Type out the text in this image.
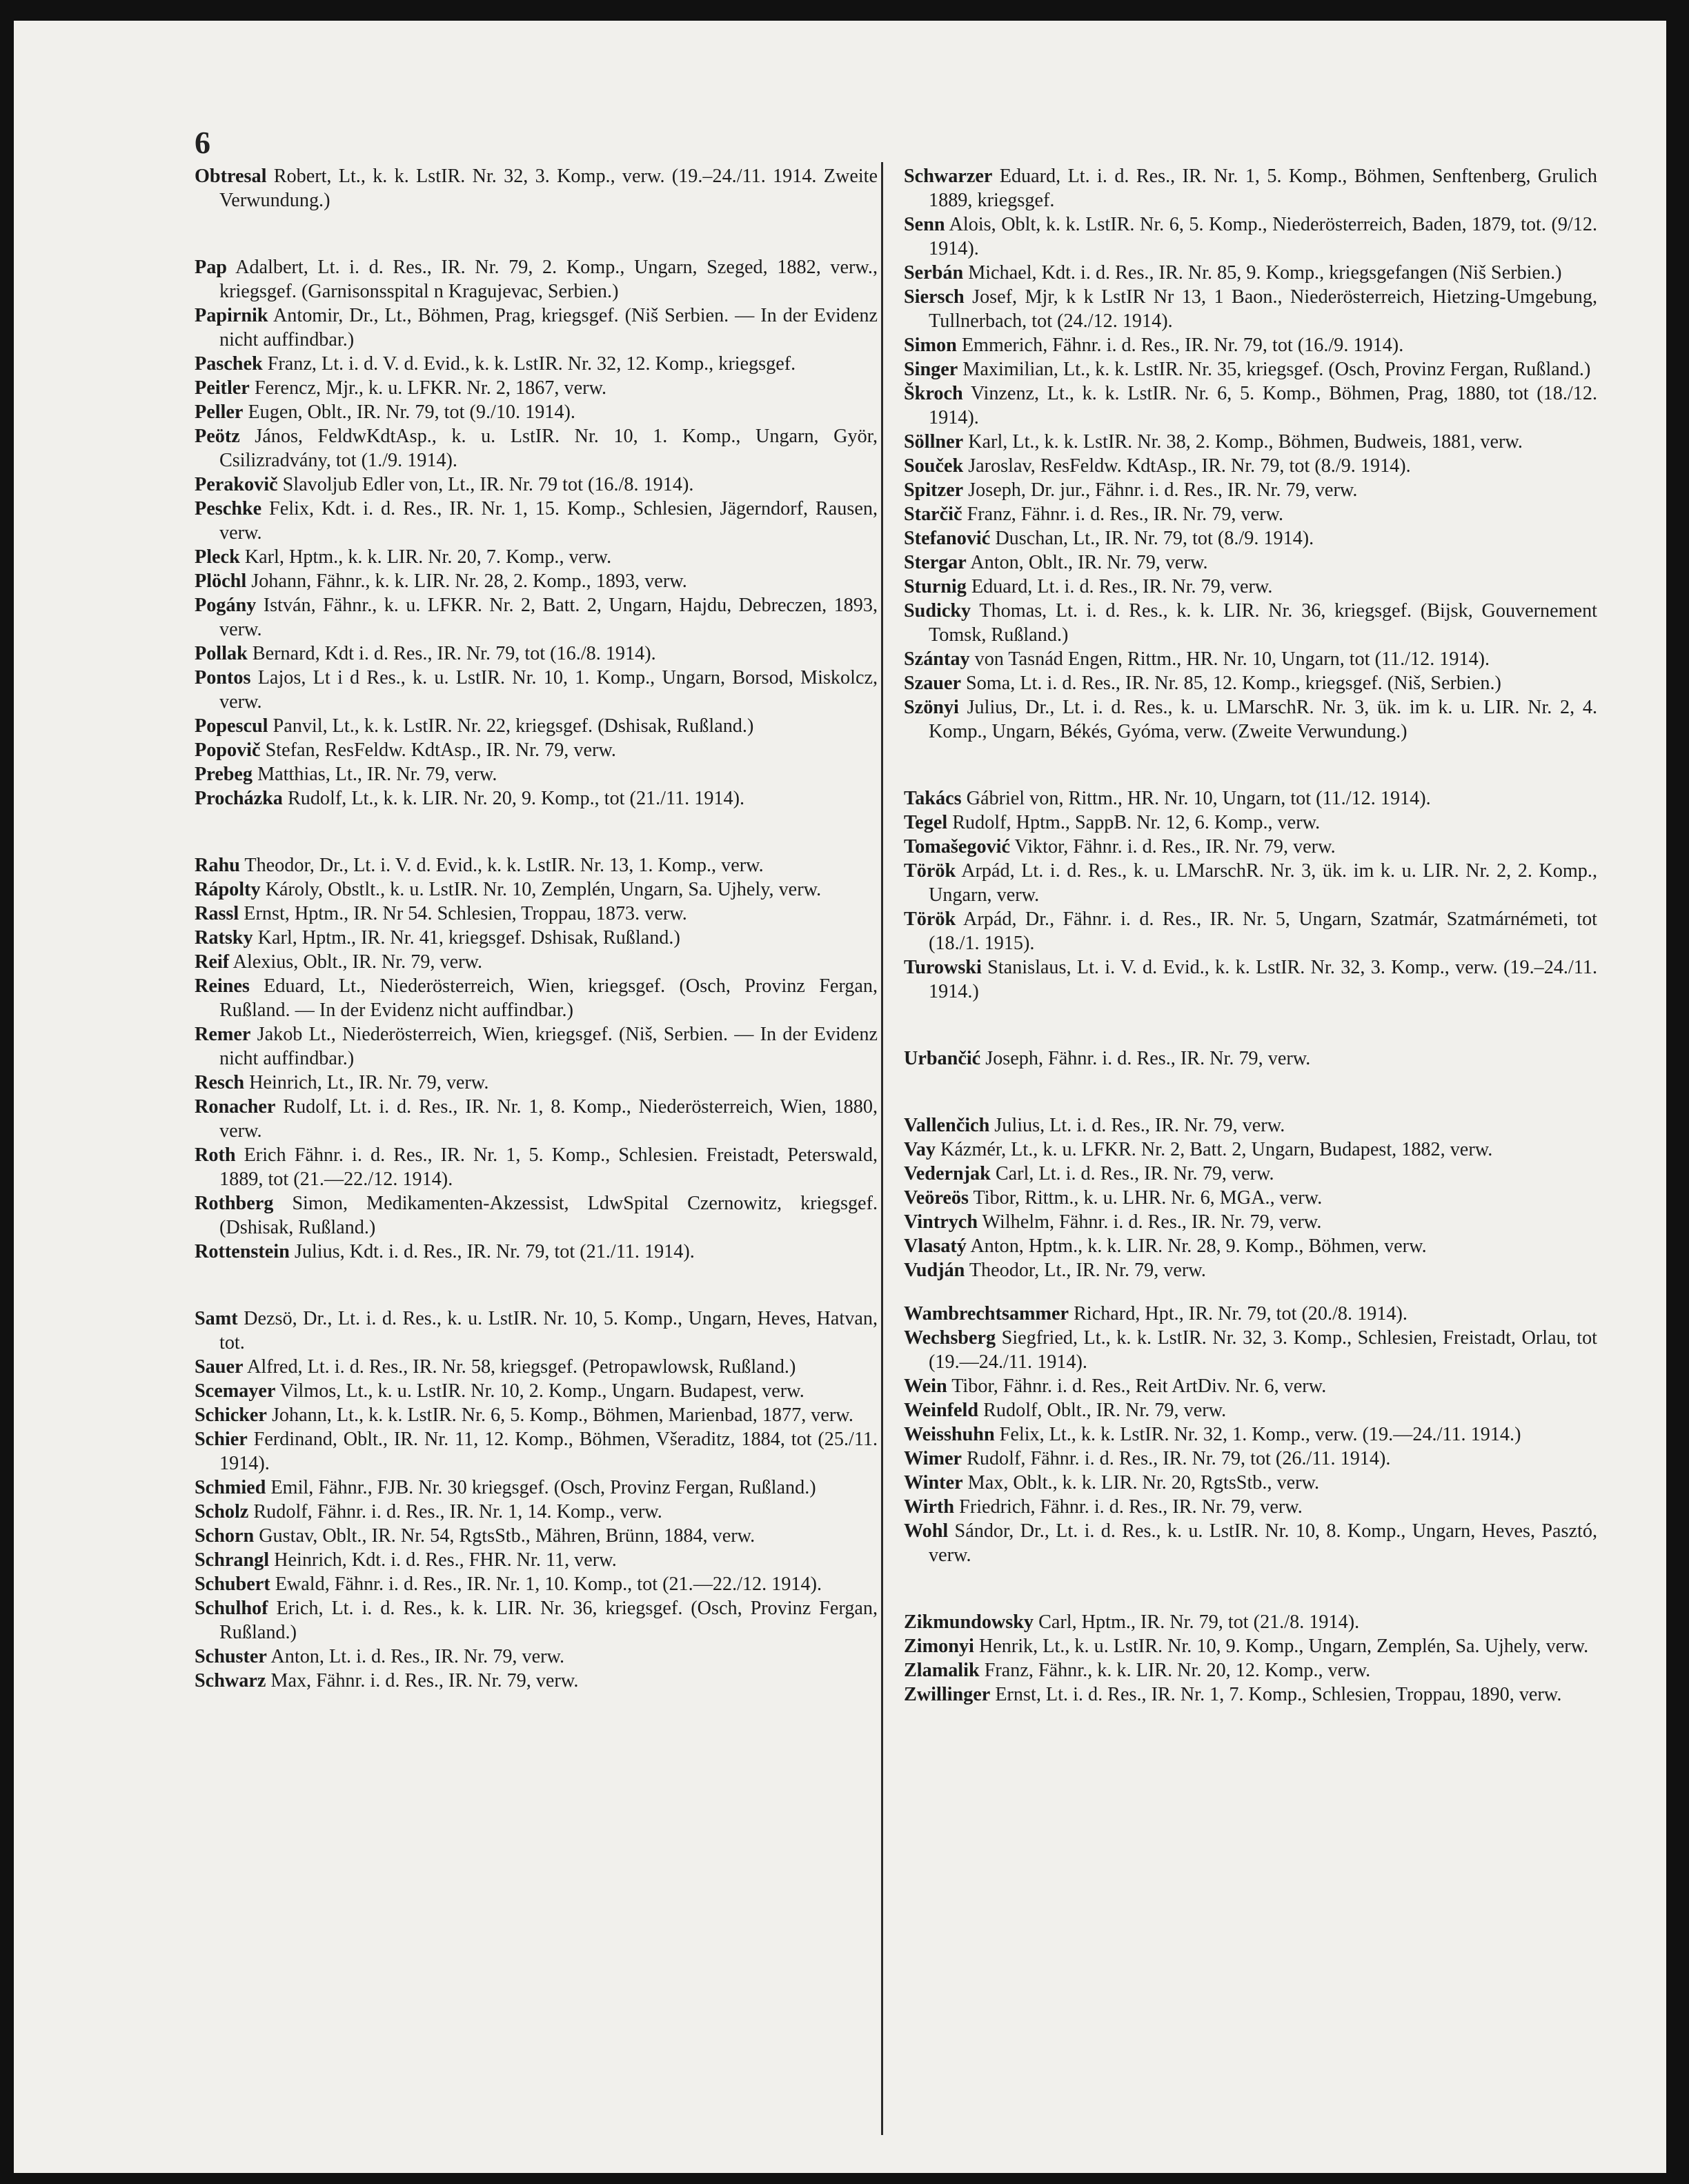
6
Obtresal Robert, Lt., k. k. LstIR. Nr. 32, 3. Komp., verw. (19.–24./11. 1914. Zweite Verwundung.)
Pap Adalbert, Lt. i. d. Res., IR. Nr. 79, 2. Komp., Ungarn, Szeged, 1882, verw., kriegsgef. (Garnisonsspital n Kragujevac, Serbien.)
Papirnik Antomir, Dr., Lt., Böhmen, Prag, kriegsgef. (Niš Serbien. — In der Evidenz nicht auffindbar.)
Paschek Franz, Lt. i. d. V. d. Evid., k. k. LstIR. Nr. 32, 12. Komp., kriegsgef.
Peitler Ferencz, Mjr., k. u. LFKR. Nr. 2, 1867, verw.
Peller Eugen, Oblt., IR. Nr. 79, tot (9./10. 1914).
Peötz János, FeldwKdtAsp., k. u. LstIR. Nr. 10, 1. Komp., Ungarn, Györ, Csilizradvány, tot (1./9. 1914).
Perakovič Slavoljub Edler von, Lt., IR. Nr. 79 tot (16./8. 1914).
Peschke Felix, Kdt. i. d. Res., IR. Nr. 1, 15. Komp., Schlesien, Jägerndorf, Rausen, verw.
Pleck Karl, Hptm., k. k. LIR. Nr. 20, 7. Komp., verw.
Plöchl Johann, Fähnr., k. k. LIR. Nr. 28, 2. Komp., 1893, verw.
Pogány István, Fähnr., k. u. LFKR. Nr. 2, Batt. 2, Ungarn, Hajdu, Debreczen, 1893, verw.
Pollak Bernard, Kdt i. d. Res., IR. Nr. 79, tot (16./8. 1914).
Pontos Lajos, Lt i d Res., k. u. LstIR. Nr. 10, 1. Komp., Ungarn, Borsod, Miskolcz, verw.
Popescul Panvil, Lt., k. k. LstIR. Nr. 22, kriegsgef. (Dshisak, Rußland.)
Popovič Stefan, ResFeldw. KdtAsp., IR. Nr. 79, verw.
Prebeg Matthias, Lt., IR. Nr. 79, verw.
Procházka Rudolf, Lt., k. k. LIR. Nr. 20, 9. Komp., tot (21./11. 1914).
Rahu Theodor, Dr., Lt. i. V. d. Evid., k. k. LstIR. Nr. 13, 1. Komp., verw.
Rápolty Károly, Obstlt., k. u. LstIR. Nr. 10, Zemplén, Ungarn, Sa. Ujhely, verw.
Rassl Ernst, Hptm., IR. Nr 54. Schlesien, Troppau, 1873. verw.
Ratsky Karl, Hptm., IR. Nr. 41, kriegsgef. Dshisak, Rußland.)
Reif Alexius, Oblt., IR. Nr. 79, verw.
Reines Eduard, Lt., Niederösterreich, Wien, kriegsgef. (Osch, Provinz Fergan, Rußland. — In der Evidenz nicht auffindbar.)
Remer Jakob Lt., Niederösterreich, Wien, kriegsgef. (Niš, Serbien. — In der Evidenz nicht auffindbar.)
Resch Heinrich, Lt., IR. Nr. 79, verw.
Ronacher Rudolf, Lt. i. d. Res., IR. Nr. 1, 8. Komp., Niederösterreich, Wien, 1880, verw.
Roth Erich Fähnr. i. d. Res., IR. Nr. 1, 5. Komp., Schlesien. Freistadt, Peterswald, 1889, tot (21.—22./12. 1914).
Rothberg Simon, Medikamenten-Akzessist, LdwSpital Czernowitz, kriegsgef. (Dshisak, Rußland.)
Rottenstein Julius, Kdt. i. d. Res., IR. Nr. 79, tot (21./11. 1914).
Samt Dezsö, Dr., Lt. i. d. Res., k. u. LstIR. Nr. 10, 5. Komp., Ungarn, Heves, Hatvan, tot.
Sauer Alfred, Lt. i. d. Res., IR. Nr. 58, kriegsgef. (Petropawlowsk, Rußland.)
Scemayer Vilmos, Lt., k. u. LstIR. Nr. 10, 2. Komp., Ungarn. Budapest, verw.
Schicker Johann, Lt., k. k. LstIR. Nr. 6, 5. Komp., Böhmen, Marienbad, 1877, verw.
Schier Ferdinand, Oblt., IR. Nr. 11, 12. Komp., Böhmen, Všeraditz, 1884, tot (25./11. 1914).
Schmied Emil, Fähnr., FJB. Nr. 30 kriegsgef. (Osch, Provinz Fergan, Rußland.)
Scholz Rudolf, Fähnr. i. d. Res., IR. Nr. 1, 14. Komp., verw.
Schorn Gustav, Oblt., IR. Nr. 54, RgtsStb., Mähren, Brünn, 1884, verw.
Schrangl Heinrich, Kdt. i. d. Res., FHR. Nr. 11, verw.
Schubert Ewald, Fähnr. i. d. Res., IR. Nr. 1, 10. Komp., tot (21.—22./12. 1914).
Schulhof Erich, Lt. i. d. Res., k. k. LIR. Nr. 36, kriegsgef. (Osch, Provinz Fergan, Rußland.)
Schuster Anton, Lt. i. d. Res., IR. Nr. 79, verw.
Schwarz Max, Fähnr. i. d. Res., IR. Nr. 79, verw.
Schwarzer Eduard, Lt. i. d. Res., IR. Nr. 1, 5. Komp., Böhmen, Senftenberg, Grulich 1889, kriegsgef.
Senn Alois, Oblt, k. k. LstIR. Nr. 6, 5. Komp., Niederösterreich, Baden, 1879, tot. (9/12. 1914).
Serbán Michael, Kdt. i. d. Res., IR. Nr. 85, 9. Komp., kriegsgefangen (Niš Serbien.)
Siersch Josef, Mjr, k k LstIR Nr 13, 1 Baon., Niederösterreich, Hietzing-Umgebung, Tullnerbach, tot (24./12. 1914).
Simon Emmerich, Fähnr. i. d. Res., IR. Nr. 79, tot (16./9. 1914).
Singer Maximilian, Lt., k. k. LstIR. Nr. 35, kriegsgef. (Osch, Provinz Fergan, Rußland.)
Škroch Vinzenz, Lt., k. k. LstIR. Nr. 6, 5. Komp., Böhmen, Prag, 1880, tot (18./12. 1914).
Söllner Karl, Lt., k. k. LstIR. Nr. 38, 2. Komp., Böhmen, Budweis, 1881, verw.
Souček Jaroslav, ResFeldw. KdtAsp., IR. Nr. 79, tot (8./9. 1914).
Spitzer Joseph, Dr. jur., Fähnr. i. d. Res., IR. Nr. 79, verw.
Starčič Franz, Fähnr. i. d. Res., IR. Nr. 79, verw.
Stefanović Duschan, Lt., IR. Nr. 79, tot (8./9. 1914).
Stergar Anton, Oblt., IR. Nr. 79, verw.
Sturnig Eduard, Lt. i. d. Res., IR. Nr. 79, verw.
Sudicky Thomas, Lt. i. d. Res., k. k. LIR. Nr. 36, kriegsgef. (Bijsk, Gouvernement Tomsk, Rußland.)
Szántay von Tasnád Engen, Rittm., HR. Nr. 10, Ungarn, tot (11./12. 1914).
Szauer Soma, Lt. i. d. Res., IR. Nr. 85, 12. Komp., kriegsgef. (Niš, Serbien.)
Szönyi Julius, Dr., Lt. i. d. Res., k. u. LMarschR. Nr. 3, ük. im k. u. LIR. Nr. 2, 4. Komp., Ungarn, Békés, Gyóma, verw. (Zweite Verwundung.)
Takács Gábriel von, Rittm., HR. Nr. 10, Ungarn, tot (11./12. 1914).
Tegel Rudolf, Hptm., SappB. Nr. 12, 6. Komp., verw.
Tomašegović Viktor, Fähnr. i. d. Res., IR. Nr. 79, verw.
Török Arpád, Lt. i. d. Res., k. u. LMarschR. Nr. 3, ük. im k. u. LIR. Nr. 2, 2. Komp., Ungarn, verw.
Török Arpád, Dr., Fähnr. i. d. Res., IR. Nr. 5, Ungarn, Szatmár, Szatmárnémeti, tot (18./1. 1915).
Turowski Stanislaus, Lt. i. V. d. Evid., k. k. LstIR. Nr. 32, 3. Komp., verw. (19.–24./11. 1914.)
Urbančić Joseph, Fähnr. i. d. Res., IR. Nr. 79, verw.
Vallenčich Julius, Lt. i. d. Res., IR. Nr. 79, verw.
Vay Kázmér, Lt., k. u. LFKR. Nr. 2, Batt. 2, Ungarn, Budapest, 1882, verw.
Vedernjak Carl, Lt. i. d. Res., IR. Nr. 79, verw.
Veöreös Tibor, Rittm., k. u. LHR. Nr. 6, MGA., verw.
Vintrych Wilhelm, Fähnr. i. d. Res., IR. Nr. 79, verw.
Vlasatý Anton, Hptm., k. k. LIR. Nr. 28, 9. Komp., Böhmen, verw.
Vudján Theodor, Lt., IR. Nr. 79, verw.
Wambrechtsammer Richard, Hpt., IR. Nr. 79, tot (20./8. 1914).
Wechsberg Siegfried, Lt., k. k. LstIR. Nr. 32, 3. Komp., Schlesien, Freistadt, Orlau, tot (19.—24./11. 1914).
Wein Tibor, Fähnr. i. d. Res., Reit ArtDiv. Nr. 6, verw.
Weinfeld Rudolf, Oblt., IR. Nr. 79, verw.
Weisshuhn Felix, Lt., k. k. LstIR. Nr. 32, 1. Komp., verw. (19.—24./11. 1914.)
Wimer Rudolf, Fähnr. i. d. Res., IR. Nr. 79, tot (26./11. 1914).
Winter Max, Oblt., k. k. LIR. Nr. 20, RgtsStb., verw.
Wirth Friedrich, Fähnr. i. d. Res., IR. Nr. 79, verw.
Wohl Sándor, Dr., Lt. i. d. Res., k. u. LstIR. Nr. 10, 8. Komp., Ungarn, Heves, Pasztó, verw.
Zikmundowsky Carl, Hptm., IR. Nr. 79, tot (21./8. 1914).
Zimonyi Henrik, Lt., k. u. LstIR. Nr. 10, 9. Komp., Ungarn, Zemplén, Sa. Ujhely, verw.
Zlamalik Franz, Fähnr., k. k. LIR. Nr. 20, 12. Komp., verw.
Zwillinger Ernst, Lt. i. d. Res., IR. Nr. 1, 7. Komp., Schlesien, Troppau, 1890, verw.
